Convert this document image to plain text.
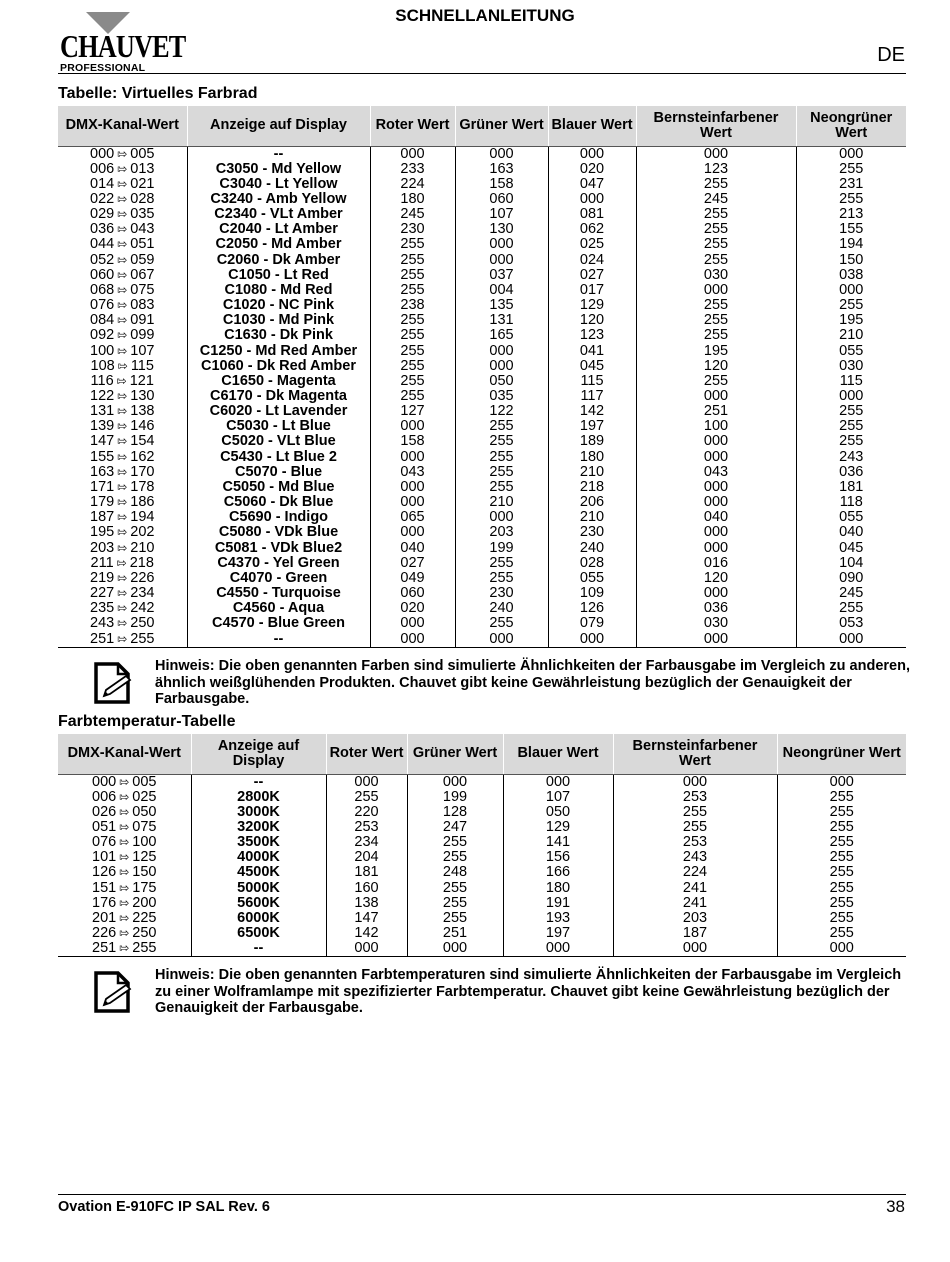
CHAUVET
PROFESSIONAL
SCHNELLANLEITUNG
DE
Tabelle: Virtuelles Farbrad
DMX-Kanal-Wert	Anzeige auf Display	Roter Wert	Grüner Wert	Blauer Wert	Bernsteinfarbener Wert	Neongrüner Wert
000 ⇰ 005	--	000	000	000	000	000
006 ⇰ 013	C3050 - Md Yellow	233	163	020	123	255
014 ⇰ 021	C3040 - Lt Yellow	224	158	047	255	231
022 ⇰ 028	C3240 - Amb Yellow	180	060	000	245	255
029 ⇰ 035	C2340 - VLt Amber	245	107	081	255	213
036 ⇰ 043	C2040 - Lt Amber	230	130	062	255	155
044 ⇰ 051	C2050 - Md Amber	255	000	025	255	194
052 ⇰ 059	C2060 - Dk Amber	255	000	024	255	150
060 ⇰ 067	C1050 - Lt Red	255	037	027	030	038
068 ⇰ 075	C1080 - Md Red	255	004	017	000	000
076 ⇰ 083	C1020 - NC Pink	238	135	129	255	255
084 ⇰ 091	C1030 - Md Pink	255	131	120	255	195
092 ⇰ 099	C1630 - Dk Pink	255	165	123	255	210
100 ⇰ 107	C1250 - Md Red Amber	255	000	041	195	055
108 ⇰ 115	C1060 - Dk Red Amber	255	000	045	120	030
116 ⇰ 121	C1650 - Magenta	255	050	115	255	115
122 ⇰ 130	C6170 - Dk Magenta	255	035	117	000	000
131 ⇰ 138	C6020 - Lt Lavender	127	122	142	251	255
139 ⇰ 146	C5030 - Lt Blue	000	255	197	100	255
147 ⇰ 154	C5020 - VLt Blue	158	255	189	000	255
155 ⇰ 162	C5430 - Lt Blue 2	000	255	180	000	243
163 ⇰ 170	C5070 - Blue	043	255	210	043	036
171 ⇰ 178	C5050 - Md Blue	000	255	218	000	181
179 ⇰ 186	C5060 - Dk Blue	000	210	206	000	118
187 ⇰ 194	C5690 - Indigo	065	000	210	040	055
195 ⇰ 202	C5080 - VDk Blue	000	203	230	000	040
203 ⇰ 210	C5081 - VDk Blue2	040	199	240	000	045
211 ⇰ 218	C4370 - Yel Green	027	255	028	016	104
219 ⇰ 226	C4070 - Green	049	255	055	120	090
227 ⇰ 234	C4550 - Turquoise	060	230	109	000	245
235 ⇰ 242	C4560 - Aqua	020	240	126	036	255
243 ⇰ 250	C4570 - Blue Green	000	255	079	030	053
251 ⇰ 255	--	000	000	000	000	000
Hinweis: Die oben genannten Farben sind simulierte Ähnlichkeiten der Farbausgabe im Vergleich zu anderen, ähnlich weißglühenden Produkten. Chauvet gibt keine Gewährleistung bezüglich der Genauigkeit der Farbausgabe.
Farbtemperatur-Tabelle
DMX-Kanal-Wert	Anzeige auf Display	Roter Wert	Grüner Wert	Blauer Wert	Bernsteinfarbener Wert	Neongrüner Wert
000 ⇰ 005	--	000	000	000	000	000
006 ⇰ 025	2800K	255	199	107	253	255
026 ⇰ 050	3000K	220	128	050	255	255
051 ⇰ 075	3200K	253	247	129	255	255
076 ⇰ 100	3500K	234	255	141	253	255
101 ⇰ 125	4000K	204	255	156	243	255
126 ⇰ 150	4500K	181	248	166	224	255
151 ⇰ 175	5000K	160	255	180	241	255
176 ⇰ 200	5600K	138	255	191	241	255
201 ⇰ 225	6000K	147	255	193	203	255
226 ⇰ 250	6500K	142	251	197	187	255
251 ⇰ 255	--	000	000	000	000	000
Hinweis: Die oben genannten Farbtemperaturen sind simulierte Ähnlichkeiten der Farbausgabe im Vergleich zu einer Wolframlampe mit spezifizierter Farbtemperatur. Chauvet gibt keine Gewährleistung bezüglich der Genauigkeit der Farbausgabe.
Ovation E-910FC IP SAL Rev. 6	38
